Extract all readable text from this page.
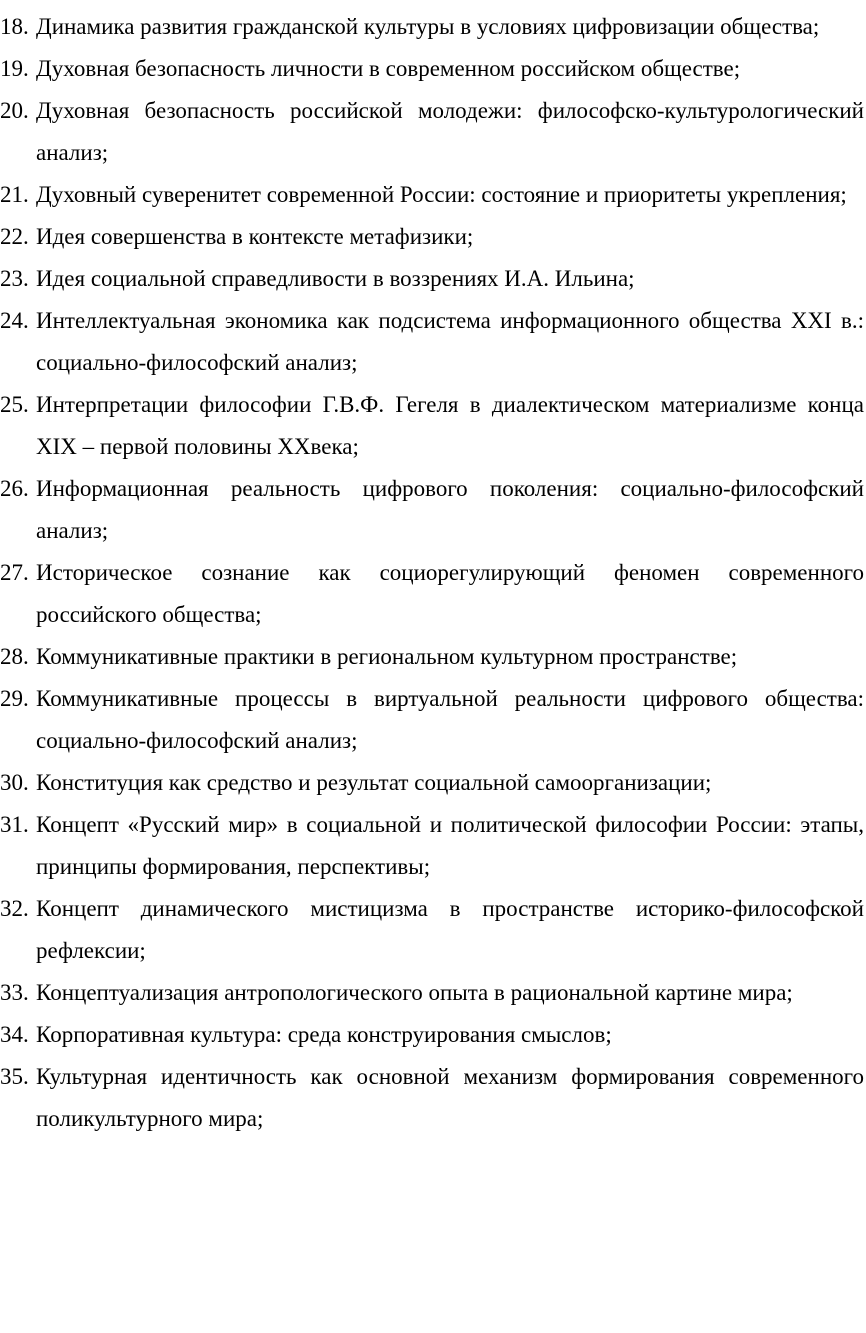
18. Динамика развития гражданской культуры в условиях цифровизации общества;
19. Духовная безопасность личности в современном российском обществе;
20. Духовная безопасность российской молодежи: философско-культурологический анализ;
21. Духовный суверенитет современной России: состояние и приоритеты укрепления;
22. Идея совершенства в контексте метафизики;
23. Идея социальной справедливости в воззрениях И.А. Ильина;
24. Интеллектуальная экономика как подсистема информационного общества XXI в.: социально-философский анализ;
25. Интерпретации философии Г.В.Ф. Гегеля в диалектическом материализме конца XIX – первой половины XXвека;
26. Информационная реальность цифрового поколения: социально-философский анализ;
27. Историческое сознание как социорегулирующий феномен современного российского общества;
28. Коммуникативные практики в региональном культурном пространстве;
29. Коммуникативные процессы в виртуальной реальности цифрового общества: социально-философский анализ;
30. Конституция как средство и результат социальной самоорганизации;
31. Концепт «Русский мир» в социальной и политической философии России: этапы, принципы формирования, перспективы;
32. Концепт динамического мистицизма в пространстве историко-философской рефлексии;
33. Концептуализация антропологического опыта в рациональной картине мира;
34. Корпоративная культура: среда конструирования смыслов;
35. Культурная идентичность как основной механизм формирования современного поликультурного мира;
